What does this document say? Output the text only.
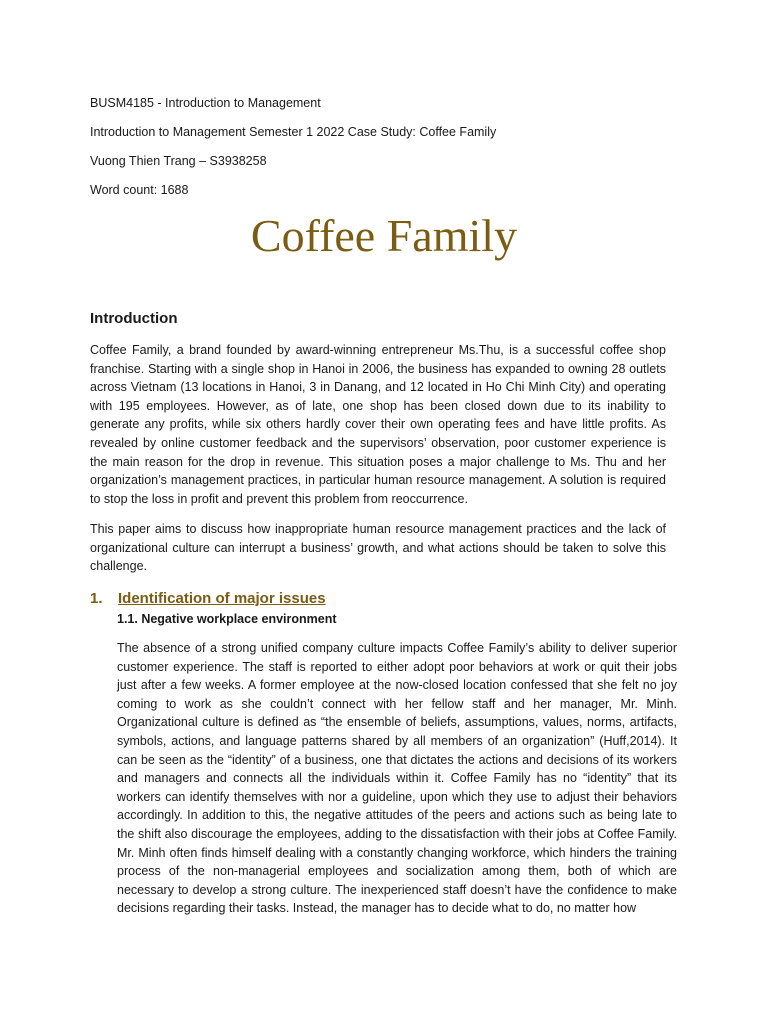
BUSM4185 - Introduction to Management
Introduction to Management Semester 1 2022 Case Study: Coffee Family
Vuong Thien Trang – S3938258
Word count: 1688
Coffee Family
Introduction
Coffee Family, a brand founded by award-winning entrepreneur Ms.Thu, is a successful coffee shop franchise. Starting with a single shop in Hanoi in 2006, the business has expanded to owning 28 outlets across Vietnam (13 locations in Hanoi, 3 in Danang, and 12 located in Ho Chi Minh City) and operating with 195 employees. However, as of late, one shop has been closed down due to its inability to generate any profits, while six others hardly cover their own operating fees and have little profits. As revealed by online customer feedback and the supervisors’ observation, poor customer experience is the main reason for the drop in revenue. This situation poses a major challenge to Ms. Thu and her organization’s management practices, in particular human resource management. A solution is required to stop the loss in profit and prevent this problem from reoccurrence.
This paper aims to discuss how inappropriate human resource management practices and the lack of organizational culture can interrupt a business’ growth, and what actions should be taken to solve this challenge.
1. Identification of major issues
1.1. Negative workplace environment
The absence of a strong unified company culture impacts Coffee Family’s ability to deliver superior customer experience. The staff is reported to either adopt poor behaviors at work or quit their jobs just after a few weeks. A former employee at the now-closed location confessed that she felt no joy coming to work as she couldn’t connect with her fellow staff and her manager, Mr. Minh. Organizational culture is defined as “the ensemble of beliefs, assumptions, values, norms, artifacts, symbols, actions, and language patterns shared by all members of an organization” (Huff,2014). It can be seen as the “identity” of a business, one that dictates the actions and decisions of its workers and managers and connects all the individuals within it. Coffee Family has no “identity” that its workers can identify themselves with nor a guideline, upon which they use to adjust their behaviors accordingly. In addition to this, the negative attitudes of the peers and actions such as being late to the shift also discourage the employees, adding to the dissatisfaction with their jobs at Coffee Family. Mr. Minh often finds himself dealing with a constantly changing workforce, which hinders the training process of the non-managerial employees and socialization among them, both of which are necessary to develop a strong culture. The inexperienced staff doesn’t have the confidence to make decisions regarding their tasks. Instead, the manager has to decide what to do, no matter how
